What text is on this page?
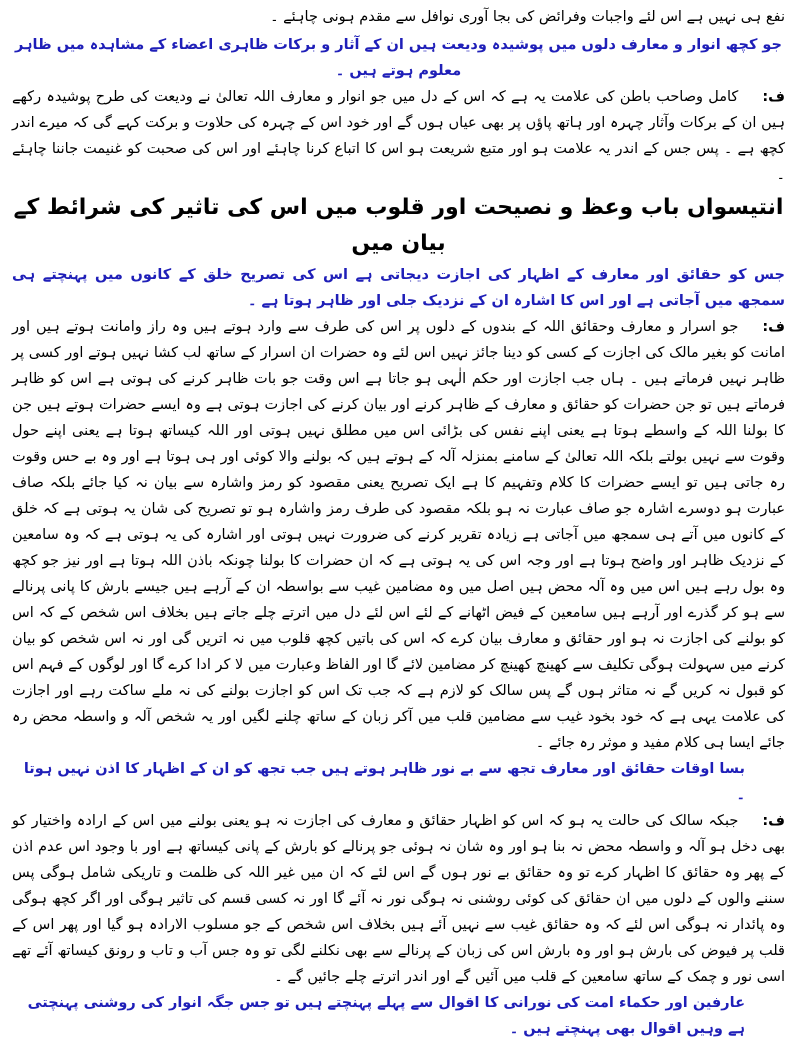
نفع ہی نہیں ہے اس لئے واجبات وفرائض کی بجا آوری نوافل سے مقدم ہونی چاہئے ۔

جو کچھ انوار و معارف دلوں میں پوشیدہ ودیعت ہیں ان کے آثار و برکات ظاہری اعضاء کے مشاہدہ میں ظاہر معلوم ہوتے ہیں ۔

ف:کامل وصاحب باطن کی علامت یہ ہے کہ اس کے دل میں جو انوار و معارف اللہ تعالیٰ نے ودیعت کی طرح پوشیدہ رکھے ہیں ان کے برکات وآثار چہرہ اور ہاتھ پاؤں پر بھی عیاں ہوں گے اور خود اس کے چہرہ کی حلاوت و برکت کہے گی کہ میرے اندر کچھ ہے ۔ پس جس کے اندر یہ علامت ہو اور متبع شریعت ہو اس کا اتباع کرنا چاہئے اور اس کی صحبت کو غنیمت جاننا چاہئے ۔

انتیسواں باب وعظ و نصیحت اور قلوب میں اس کی تاثیر کی شرائط کے بیان میں

جس کو حقائق اور معارف کے اظہار کی اجازت دیجاتی ہے اس کی تصریح خلق کے کانوں میں پہنچتے ہی سمجھ میں آجاتی ہے اور اس کا اشارہ ان کے نزدیک جلی اور ظاہر ہوتا ہے ۔

ف:جو اسرار و معارف وحقائق اللہ کے بندوں کے دلوں پر اس کی طرف سے وارد ہوتے ہیں وہ راز وامانت ہوتے ہیں اور امانت کو بغیر مالک کی اجازت کے کسی کو دینا جائز نہیں اس لئے وہ حضرات ان اسرار کے ساتھ لب کشا نہیں ہوتے اور کسی پر ظاہر نہیں فرماتے ہیں ۔ ہاں جب اجازت اور حکم الٰہی ہو جاتا ہے اس وقت جو بات ظاہر کرنے کی ہوتی ہے اس کو ظاہر فرماتے ہیں تو جن حضرات کو حقائق و معارف کے ظاہر کرنے اور بیان کرنے کی اجازت ہوتی ہے وہ ایسے حضرات ہوتے ہیں جن کا بولنا اللہ کے واسطے ہوتا ہے یعنی اپنے نفس کی بڑائی اس میں مطلق نہیں ہوتی اور اللہ کیساتھ ہوتا ہے یعنی اپنے حول وقوت سے نہیں بولتے بلکہ اللہ تعالیٰ کے سامنے بمنزلہ آلہ کے ہوتے ہیں کہ بولنے والا کوئی اور ہی ہوتا ہے اور وہ بے حس وقوت رہ جاتی ہیں تو ایسے حضرات کا کلام وتفہیم کا ہے ایک تصریح یعنی مقصود کو رمز واشارہ سے بیان نہ کیا جائے بلکہ صاف عبارت ہو دوسرے اشارہ جو صاف عبارت نہ ہو بلکہ مقصود کی طرف رمز واشارہ ہو تو تصریح کی شان یہ ہوتی ہے کہ خلق کے کانوں میں آتے ہی سمجھ میں آجاتی ہے زیادہ تقریر کرنے کی ضرورت نہیں ہوتی اور اشارہ کی یہ ہوتی ہے کہ وہ سامعین کے نزدیک ظاہر اور واضح ہوتا ہے اور وجہ اس کی یہ ہوتی ہے کہ ان حضرات کا بولنا چونکہ باذن اللہ ہوتا ہے اور نیز جو کچھ وہ بول رہے ہیں اس میں وہ آلہ محض ہیں اصل میں وہ مضامین غیب سے بواسطہ ان کے آرہے ہیں جیسے بارش کا پانی پرنالے سے ہو کر گذرے اور آرہے ہیں سامعین کے فیض اٹھانے کے لئے اس لئے دل میں اترتے چلے جاتے ہیں بخلاف اس شخص کے کہ اس کو بولنے کی اجازت نہ ہو اور حقائق و معارف بیان کرے کہ اس کی باتیں کچھ قلوب میں نہ اتریں گی اور نہ اس شخص کو بیان کرنے میں سہولت ہوگی تکلیف سے کھینچ کھینچ کر مضامین لائے گا اور الفاظ وعبارت میں لا کر ادا کرے گا اور لوگوں کے فہم اس کو قبول نہ کریں گے نہ متاثر ہوں گے پس سالک کو لازم ہے کہ جب تک اس کو اجازت بولنے کی نہ ملے ساکت رہے اور اجازت کی علامت یہی ہے کہ خود بخود غیب سے مضامین قلب میں آکر زبان کے ساتھ چلنے لگیں اور یہ شخص آلہ و واسطہ محض رہ جائے ایسا ہی کلام مفید و موثر رہ جائے ۔

بسا اوقات حقائق اور معارف تجھ سے بے نور ظاہر ہوتے ہیں جب تجھ کو ان کے اظہار کا اذن نہیں ہوتا ۔

ف:جبکہ سالک کی حالت یہ ہو کہ اس کو اظہار حقائق و معارف کی اجازت نہ ہو یعنی بولنے میں اس کے ارادہ واختیار کو بھی دخل ہو آلہ و واسطہ محض نہ بنا ہو اور وہ شان نہ ہوئی جو پرنالے کو بارش کے پانی کیساتھ ہے اور با وجود اس عدم اذن کے پھر وہ حقائق کا اظہار کرے تو وہ حقائق بے نور ہوں گے اس لئے کہ ان میں غیر اللہ کی ظلمت و تاریکی شامل ہوگی پس سننے والوں کے دلوں میں ان حقائق کی کوئی روشنی نہ ہوگی نور نہ آئے گا اور نہ کسی قسم کی تاثیر ہوگی اور اگر کچھ ہوگی وہ پائدار نہ ہوگی اس لئے کہ وہ حقائق غیب سے نہیں آئے ہیں بخلاف اس شخص کے جو مسلوب الارادہ ہو گیا اور پھر اس کے قلب پر فیوض کی بارش ہو اور وہ بارش اس کی زبان کے پرنالے سے بھی نکلنے لگی تو وہ جس آب و تاب و رونق کیساتھ آئے تھے اسی نور و چمک کے ساتھ سامعین کے قلب میں آئیں گے اور اندر اترتے چلے جائیں گے ۔

عارفین اور حکماء امت کی نورانی کا اقوال سے پہلے پہنچتے ہیں تو جس جگہ انوار کی روشنی پہنچتی ہے وہیں اقوال بھی پہنچتے ہیں ۔
